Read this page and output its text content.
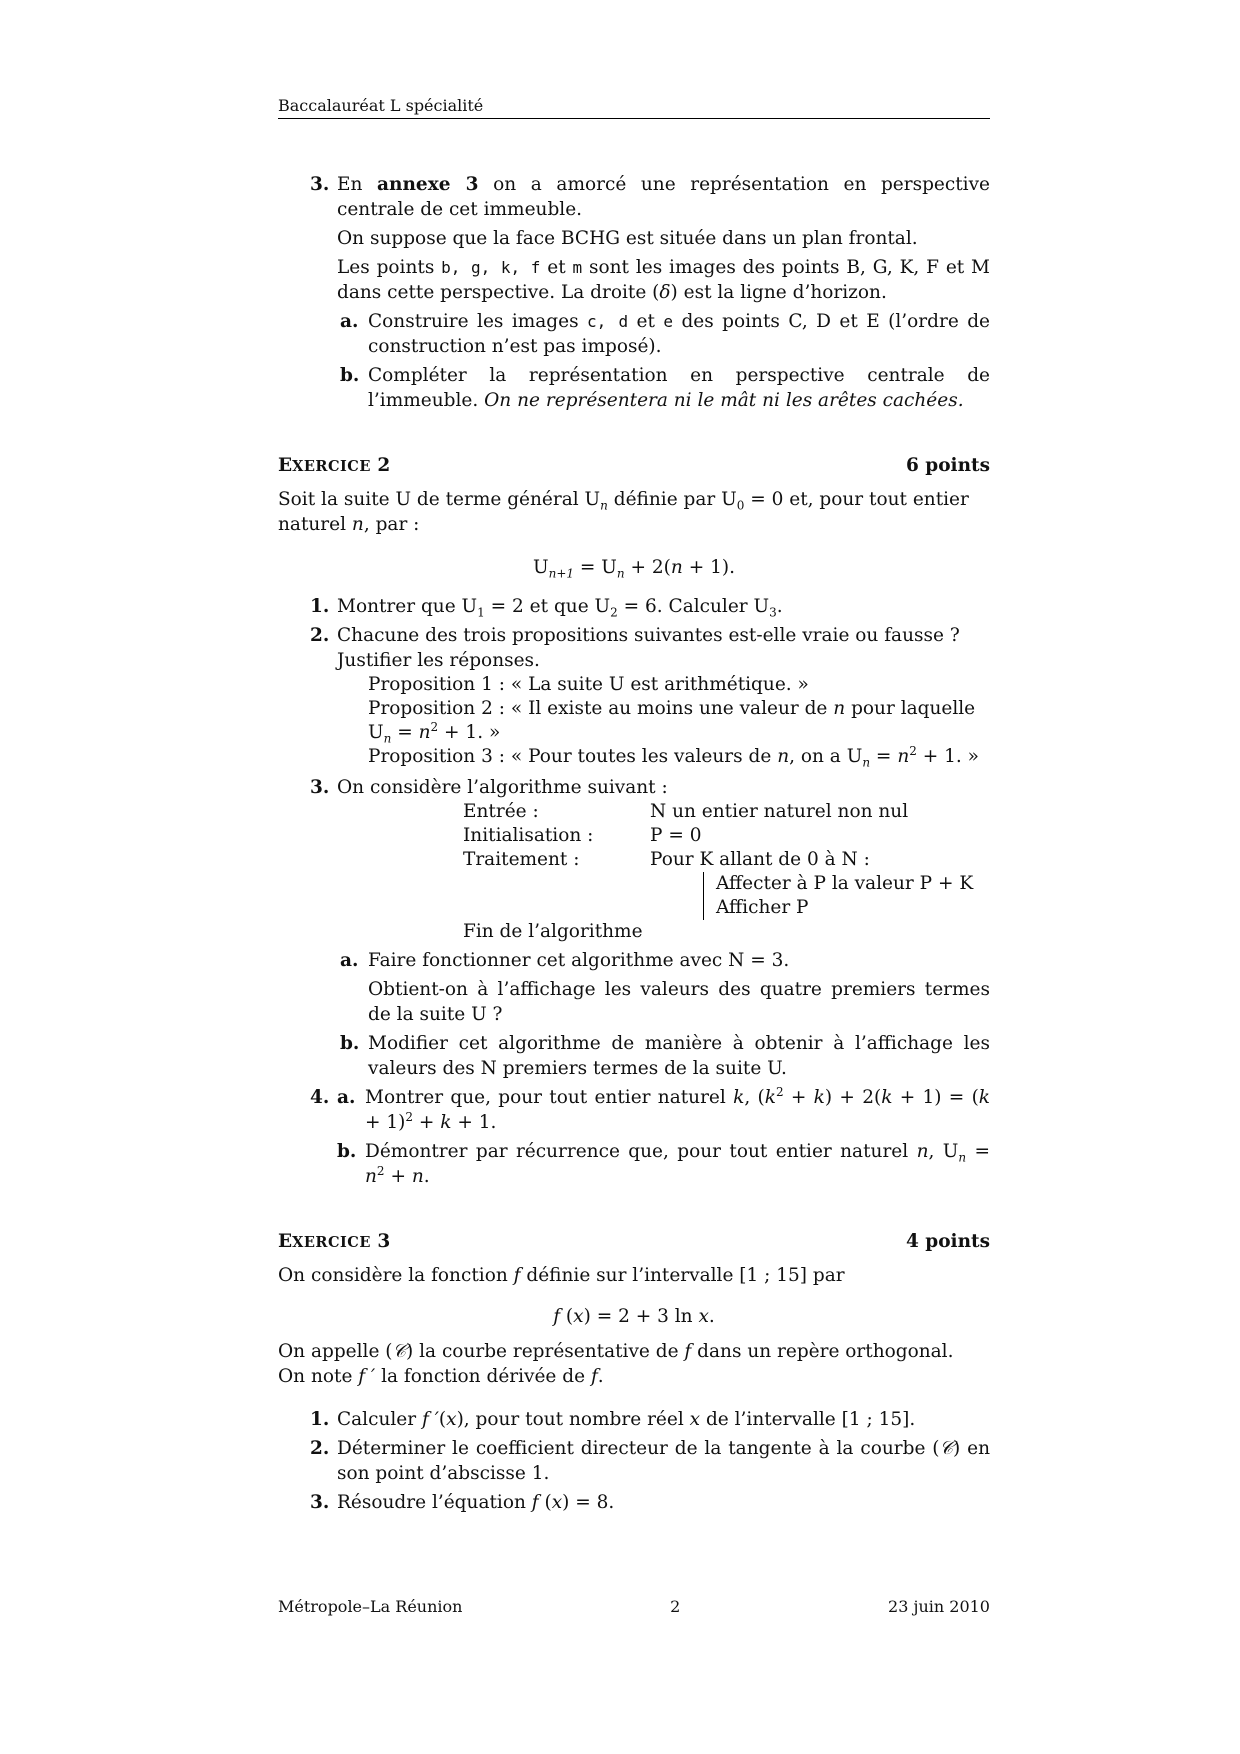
Baccalauréat L spécialité
3. En annexe 3 on a amorcé une représentation en perspective centrale de cet immeuble.
On suppose que la face BCHG est située dans un plan frontal.
Les points b, g, k, f et m sont les images des points B, G, K, F et M dans cette perspective. La droite (δ) est la ligne d’horizon.
a. Construire les images c, d et e des points C, D et E (l’ordre de construction n’est pas imposé).
b. Compléter la représentation en perspective centrale de l’immeuble. On ne représentera ni le mât ni les arêtes cachées.
EXERCICE 2	6 points
Soit la suite U de terme général $U_n$ définie par $U_0 = 0$ et, pour tout entier naturel n, par :
$U_{n+1} = U_n + 2(n + 1)$.
1. Montrer que $U_1 = 2$ et que $U_2 = 6$. Calculer $U_3$.
2. Chacune des trois propositions suivantes est-elle vraie ou fausse ?
Justifier les réponses.
Proposition 1 : « La suite U est arithmétique. »
Proposition 2 : « Il existe au moins une valeur de n pour laquelle
$U_n = n^2 + 1$. »
Proposition 3 : « Pour toutes les valeurs de n, on a $U_n = n^2 + 1$. »
3. On considère l’algorithme suivant :
Entrée :	N un entier naturel non nul
Initialisation :	P = 0
Traitement :	Pour K allant de 0 à N :
Affecter à P la valeur P + K
Afficher P
Fin de l’algorithme
a. Faire fonctionner cet algorithme avec N = 3.
Obtient-on à l’affichage les valeurs des quatre premiers termes de la suite U ?
b. Modifier cet algorithme de manière à obtenir à l’affichage les valeurs des N premiers termes de la suite U.
4. a. Montrer que, pour tout entier naturel k, $(k^2 + k) + 2(k + 1) = (k + 1)^2 + k + 1$.
b. Démontrer par récurrence que, pour tout entier naturel n, $U_n = n^2 + n$.
EXERCICE 3	4 points
On considère la fonction f définie sur l’intervalle [1 ; 15] par
f (x) = 2 + 3 ln x.
On appelle (𝒞) la courbe représentative de f dans un repère orthogonal.
On note f ′ la fonction dérivée de f.
1. Calculer f ′(x), pour tout nombre réel x de l’intervalle [1 ; 15].
2. Déterminer le coefficient directeur de la tangente à la courbe (𝒞) en son point d’abscisse 1.
3. Résoudre l’équation f (x) = 8.
Métropole–La Réunion	2	23 juin 2010
